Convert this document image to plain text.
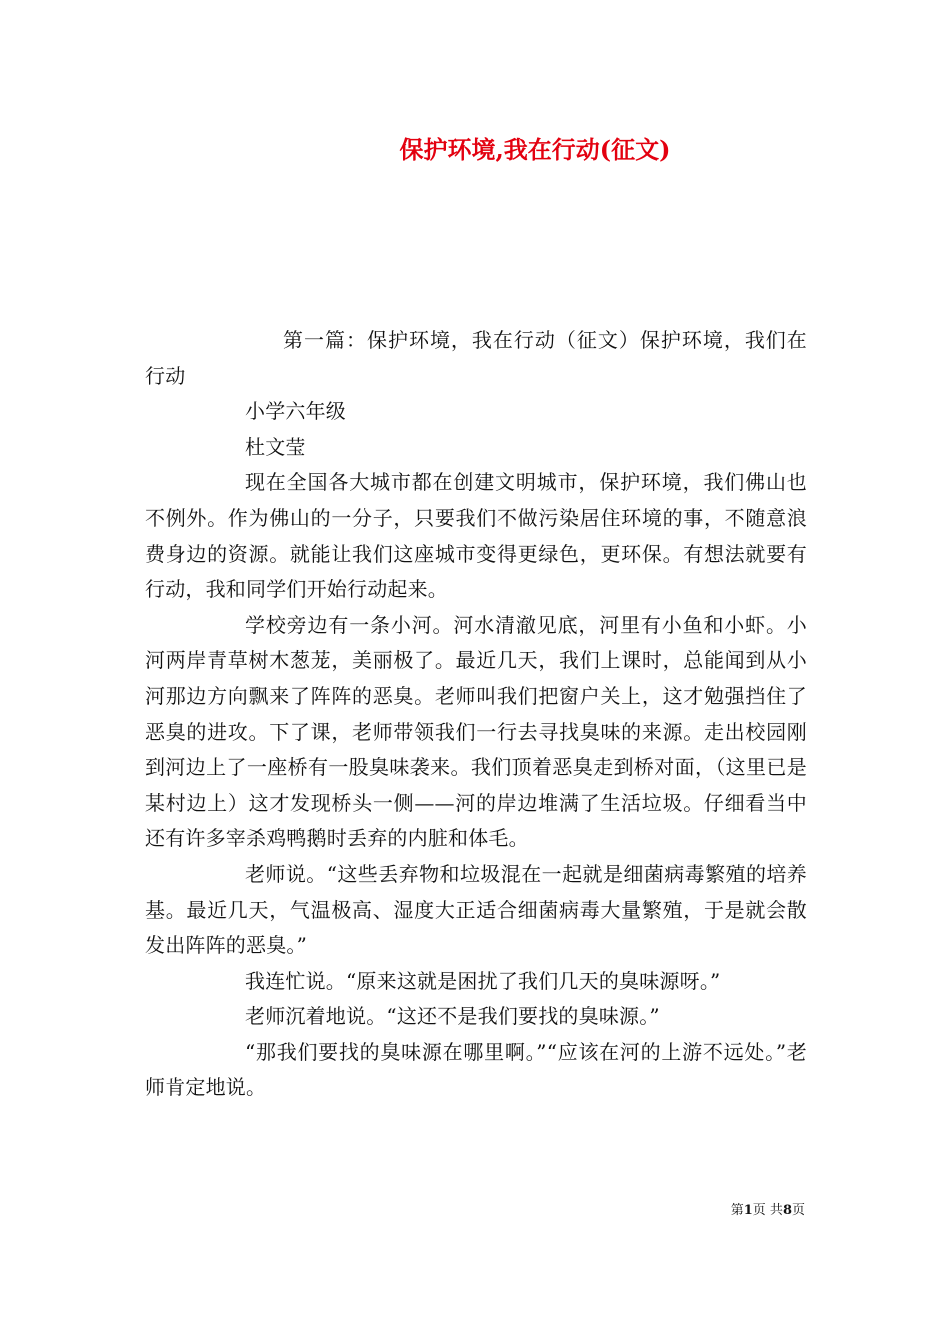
保护环境,我在行动(征文)

第一篇：保护环境，我在行动（征文）保护环境，我们在行动

小学六年级

杜文莹

现在全国各大城市都在创建文明城市，保护环境，我们佛山也不例外。作为佛山的一分子，只要我们不做污染居住环境的事，不随意浪费身边的资源。就能让我们这座城市变得更绿色，更环保。有想法就要有行动，我和同学们开始行动起来。

学校旁边有一条小河。河水清澈见底，河里有小鱼和小虾。小河两岸青草树木葱茏，美丽极了。最近几天，我们上课时，总能闻到从小河那边方向飘来了阵阵的恶臭。老师叫我们把窗户关上，这才勉强挡住了恶臭的进攻。下了课，老师带领我们一行去寻找臭味的来源。走出校园刚到河边上了一座桥有一股臭味袭来。我们顶着恶臭走到桥对面，（这里已是某村边上）这才发现桥头一侧——河的岸边堆满了生活垃圾。仔细看当中还有许多宰杀鸡鸭鹅时丢弃的内脏和体毛。

老师说。“这些丢弃物和垃圾混在一起就是细菌病毒繁殖的培养基。最近几天，气温极高、湿度大正适合细菌病毒大量繁殖，于是就会散发出阵阵的恶臭。”

我连忙说。“原来这就是困扰了我们几天的臭味源呀。”

老师沉着地说。“这还不是我们要找的臭味源。”

“那我们要找的臭味源在哪里啊。”“应该在河的上游不远处。”老师肯定地说。

第1页 共8页
